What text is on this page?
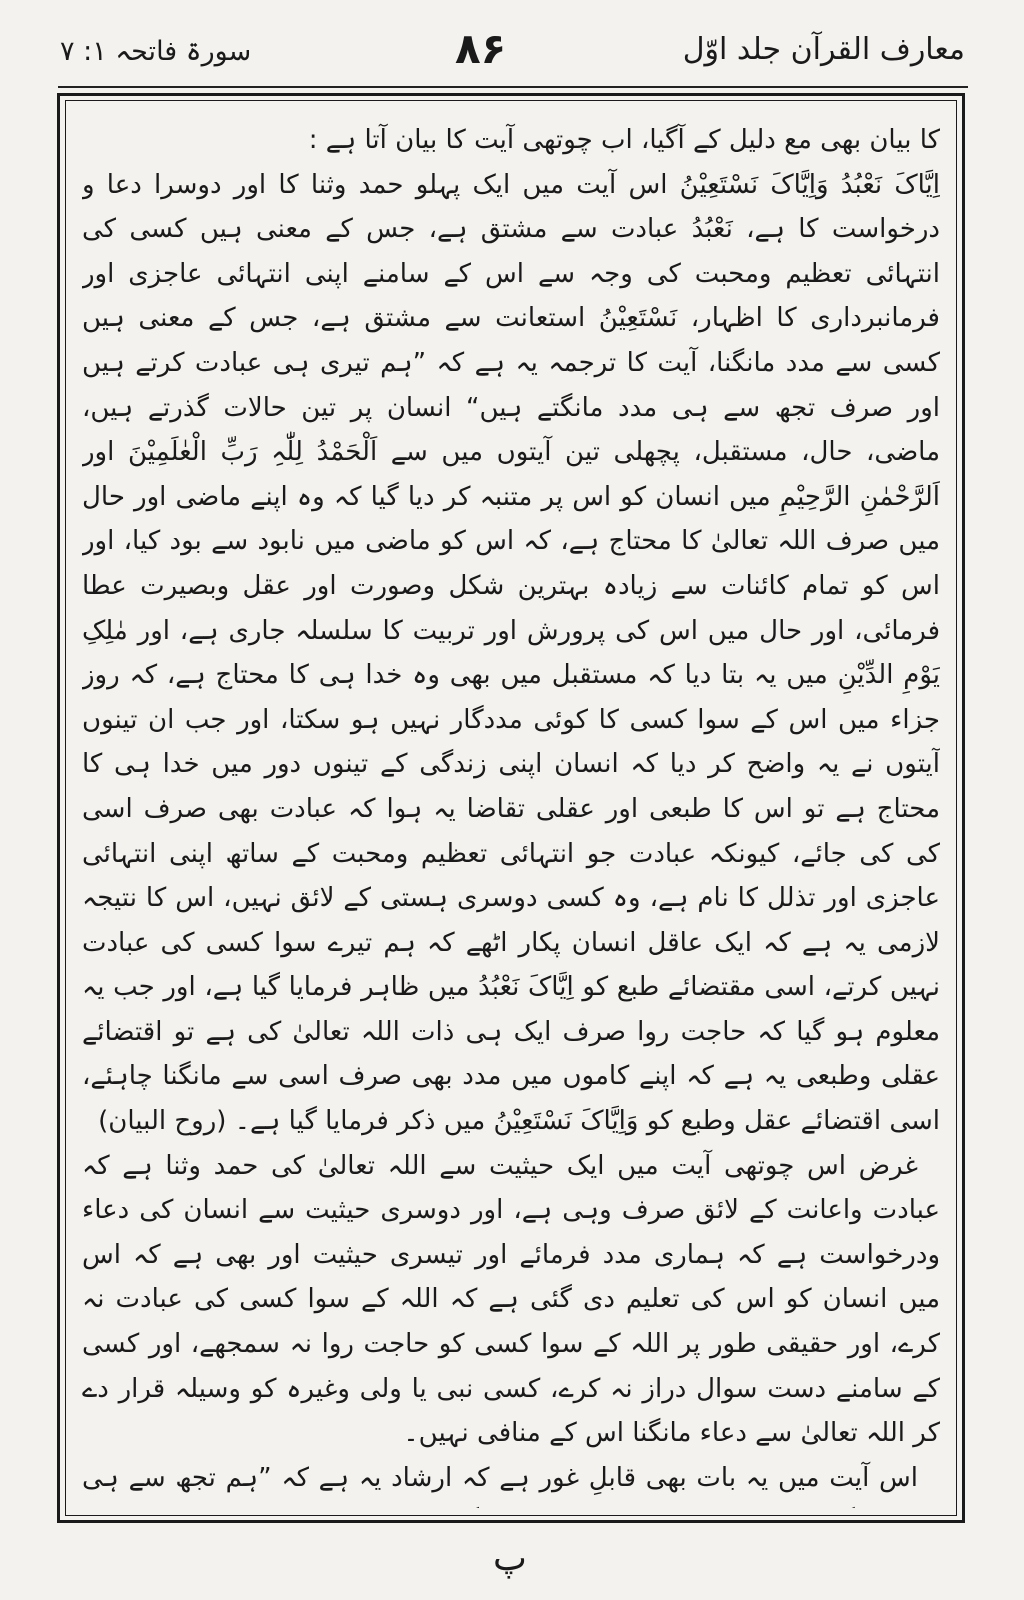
معارف القرآن جلد اوّل
۸۶
سورۃ فاتحہ ۱: ۷

کا بیان بھی مع دلیل کے آگیا، اب چوتھی آیت کا بیان آتا ہے :

اِیَّاکَ نَعْبُدُ وَاِیَّاکَ نَسْتَعِیْنُ اس آیت میں ایک پہلو حمد وثنا کا اور دوسرا دعا و درخواست کا ہے، نَعْبُدُ عبادت سے مشتق ہے، جس کے معنی ہیں کسی کی انتہائی تعظیم ومحبت کی وجہ سے اس کے سامنے اپنی انتہائی عاجزی اور فرمانبرداری کا اظہار، نَسْتَعِیْنُ استعانت سے مشتق ہے، جس کے معنی ہیں کسی سے مدد مانگنا، آیت کا ترجمہ یہ ہے کہ ”ہم تیری ہی عبادت کرتے ہیں اور صرف تجھ سے ہی مدد مانگتے ہیں“ انسان پر تین حالات گذرتے ہیں، ماضی، حال، مستقبل، پچھلی تین آیتوں میں سے اَلْحَمْدُ لِلّٰہِ رَبِّ الْعٰلَمِیْنَ اور اَلرَّحْمٰنِ الرَّحِیْمِ میں انسان کو اس پر متنبہ کر دیا گیا کہ وہ اپنے ماضی اور حال میں صرف اللہ تعالیٰ کا محتاج ہے، کہ اس کو ماضی میں نابود سے بود کیا، اور اس کو تمام کائنات سے زیادہ بہترین شکل وصورت اور عقل وبصیرت عطا فرمائی، اور حال میں اس کی پرورش اور تربیت کا سلسلہ جاری ہے، اور مٰلِکِ یَوْمِ الدِّیْنِ میں یہ بتا دیا کہ مستقبل میں بھی وہ خدا ہی کا محتاج ہے، کہ روز جزاء میں اس کے سوا کسی کا کوئی مددگار نہیں ہو سکتا، اور جب ان تینوں آیتوں نے یہ واضح کر دیا کہ انسان اپنی زندگی کے تینوں دور میں خدا ہی کا محتاج ہے تو اس کا طبعی اور عقلی تقاضا یہ ہوا کہ عبادت بھی صرف اسی کی کی جائے، کیونکہ عبادت جو انتہائی تعظیم ومحبت کے ساتھ اپنی انتہائی عاجزی اور تذلل کا نام ہے، وہ کسی دوسری ہستی کے لائق نہیں، اس کا نتیجہ لازمی یہ ہے کہ ایک عاقل انسان پکار اٹھے کہ ہم تیرے سوا کسی کی عبادت نہیں کرتے، اسی مقتضائے طبع کو اِیَّاکَ نَعْبُدُ میں ظاہر فرمایا گیا ہے، اور جب یہ معلوم ہو گیا کہ حاجت روا صرف ایک ہی ذات اللہ تعالیٰ کی ہے تو اقتضائے عقلی وطبعی یہ ہے کہ اپنے کاموں میں مدد بھی صرف اسی سے مانگنا چاہئے، اسی اقتضائے عقل وطبع کو وَاِیَّاکَ نَسْتَعِیْنُ میں ذکر فرمایا گیا ہے۔ (روح البیان)

غرض اس چوتھی آیت میں ایک حیثیت سے اللہ تعالیٰ کی حمد وثنا ہے کہ عبادت واعانت کے لائق صرف وہی ہے، اور دوسری حیثیت سے انسان کی دعاء ودرخواست ہے کہ ہماری مدد فرمائے اور تیسری حیثیت اور بھی ہے کہ اس میں انسان کو اس کی تعلیم دی گئی ہے کہ اللہ کے سوا کسی کی عبادت نہ کرے، اور حقیقی طور پر اللہ کے سوا کسی کو حاجت روا نہ سمجھے، اور کسی کے سامنے دست سوال دراز نہ کرے، کسی نبی یا ولی وغیرہ کو وسیلہ قرار دے کر اللہ تعالیٰ سے دعاء مانگنا اس کے منافی نہیں۔

اس آیت میں یہ بات بھی قابلِ غور ہے کہ ارشاد یہ ہے کہ ”ہم تجھ سے ہی

پ
